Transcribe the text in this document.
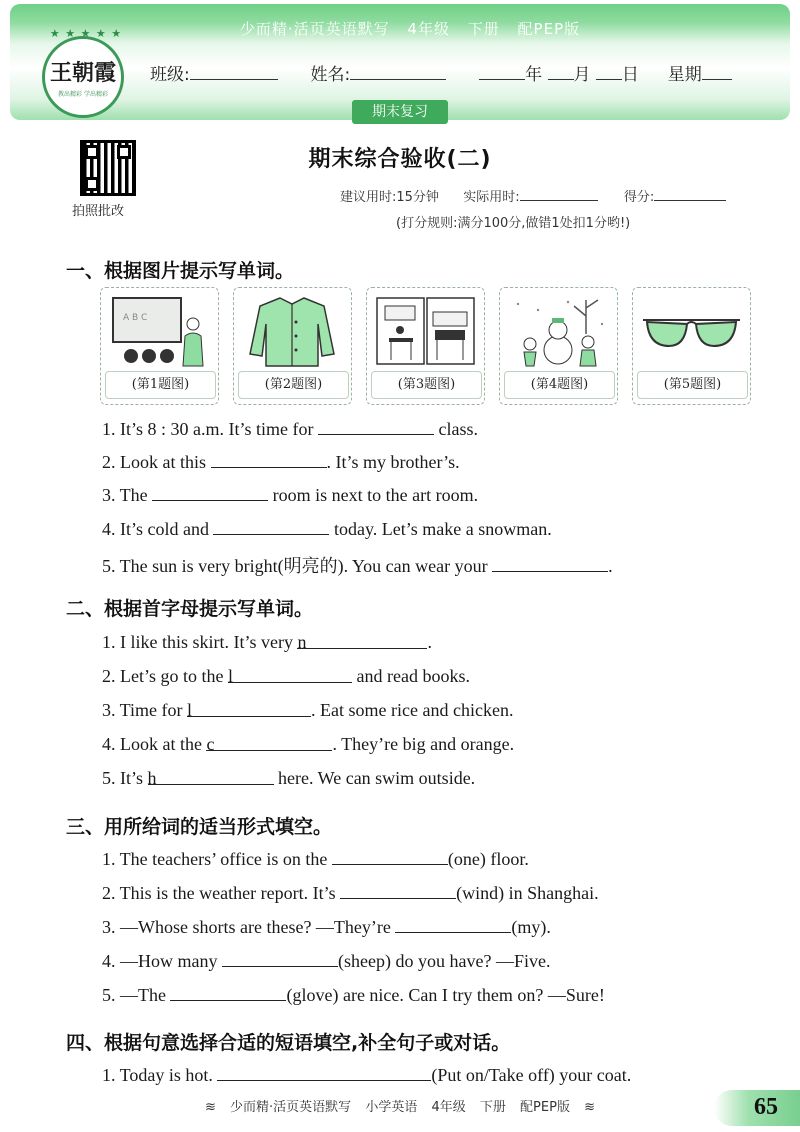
少而精·活页英语默写 4年级 下册 配PEP版
★ ★ ★ ★ ★
王朝霞
教出精彩 学出精彩
班级:	姓名:	年 月 日 星期
期末复习
拍照批改
期末综合验收(二)
建议用时:15分钟 实际用时:	得分:
(打分规则:满分100分,做错1处扣1分哟!)
一、根据图片提示写单词。
A B C
(第1题图)	(第2题图)	(第3题图)	(第4题图)	(第5题图)
1. It’s 8 : 30 a.m. It’s time for	class.
2. Look at this	. It’s my brother’s.
3. The	room is next to the art room.
4. It’s cold and	today. Let’s make a snowman.
5. The sun is very bright(明亮的). You can wear your	.
二、根据首字母提示写单词。
1. I like this skirt. It’s very n	.
2. Let’s go to the l	and read books.
3. Time for l	. Eat some rice and chicken.
4. Look at the c	. They’re big and orange.
5. It’s h	here. We can swim outside.
三、用所给词的适当形式填空。
1. The teachers’ office is on the	(one) floor.
2. This is the weather report. It’s	(wind) in Shanghai.
3. —Whose shorts are these? —They’re	(my).
4. —How many	(sheep) do you have? —Five.
5. —The	(glove) are nice. Can I try them on? —Sure!
四、根据句意选择合适的短语填空,补全句子或对话。
1. Today is hot.	(Put on/Take off) your coat.
≋ 少而精·活页英语默写 小学英语 4年级 下册 配PEP版 ≋	65
